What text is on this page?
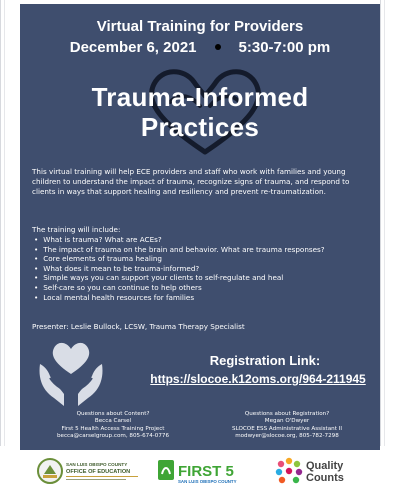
Virtual Training for Providers
December 6, 2021	5:30-7:00 pm
Trauma-Informed
Practices

This virtual training will help ECE providers and staff who work with families and young children to understand the impact of trauma, recognize signs of trauma, and respond to clients in ways that support healing and resiliency and prevent re-traumatization.

The training will include:

• What is trauma? What are ACEs?
• The impact of trauma on the brain and behavior. What are trauma responses?
• Core elements of trauma healing
• What does it mean to be trauma-informed?
• Simple ways you can support your clients to self-regulate and heal
• Self-care so you can continue to help others
• Local mental health resources for families

Presenter: Leslie Bullock, LCSW, Trauma Therapy Specialist

Registration Link:
https://slocoe.k12oms.org/964-211945
Questions about Content?
Becca Carsel
First 5 Health Access Training Project
becca@carselgroup.com, 805-674-0776
Questions about Registration?
Megan O'Dwyer
SLOCOE ESS Administrative Assistant II
modwyer@slocoe.org, 805-782-7298
SAN LUIS OBISPO COUNTY
OFFICE OF EDUCATION	FIRST 5
SAN LUIS OBISPO COUNTY
Quality
Counts
